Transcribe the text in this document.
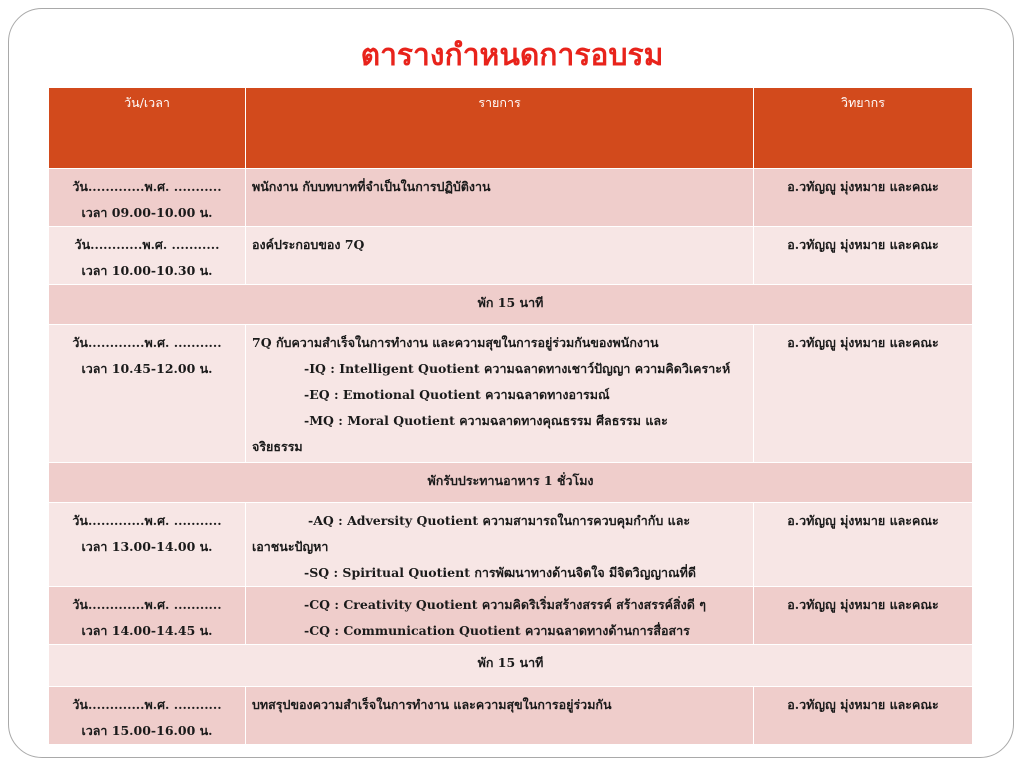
ตารางกำหนดการอบรม
วัน/เวลา	รายการ	วิทยากร

วัน.............พ.ศ. ...........
เวลา 09.00-10.00 น.	พนักงาน กับบทบาทที่จำเป็นในการปฏิบัติงาน	อ.วทัญญู มุ่งหมาย และคณะ

วัน............พ.ศ. ...........
เวลา 10.00-10.30 น.	องค์ประกอบของ 7Q	อ.วทัญญู มุ่งหมาย และคณะ
พัก 15 นาที		

วัน.............พ.ศ. ...........
เวลา 10.45-12.00 น.	7Q กับความสำเร็จในการทำงาน และความสุขในการอยู่ร่วมกันของพนักงาน
-IQ : Intelligent Quotient ความฉลาดทางเชาว์ปัญญา ความคิดวิเคราะห์
-EQ : Emotional Quotient ความฉลาดทางอารมณ์
-MQ : Moral Quotient ความฉลาดทางคุณธรรม ศีลธรรม และ
จริยธรรม	อ.วทัญญู มุ่งหมาย และคณะ
พักรับประทานอาหาร 1 ชั่วโมง		

วัน.............พ.ศ. ...........
เวลา 13.00-14.00 น.	-AQ : Adversity Quotient ความสามารถในการควบคุมกำกับ และ
เอาชนะปัญหา
-SQ : Spiritual Quotient การพัฒนาทางด้านจิตใจ มีจิตวิญญาณที่ดี	อ.วทัญญู มุ่งหมาย และคณะ

วัน.............พ.ศ. ...........
เวลา 14.00-14.45 น.	-CQ : Creativity Quotient ความคิดริเริ่มสร้างสรรค์ สร้างสรรค์สิ่งดี ๆ
-CQ : Communication Quotient ความฉลาดทางด้านการสื่อสาร	อ.วทัญญู มุ่งหมาย และคณะ
พัก 15 นาที		

วัน.............พ.ศ. ...........
เวลา 15.00-16.00 น.	บทสรุปของความสำเร็จในการทำงาน และความสุขในการอยู่ร่วมกัน	อ.วทัญญู มุ่งหมาย และคณะ
